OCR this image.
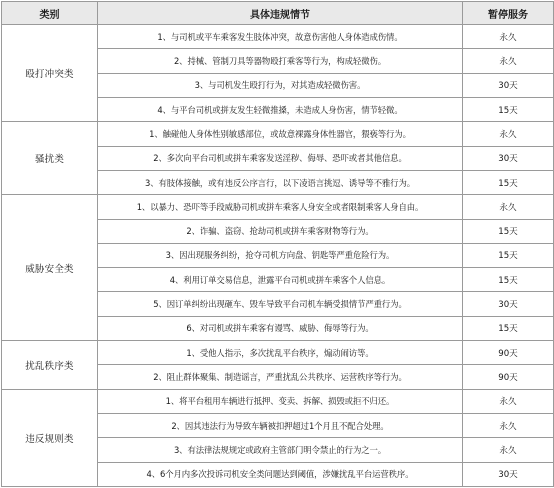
类别	具体违规情节	暂停服务
殴打冲突类	1、与司机或平车乘客发生肢体冲突，故意伤害他人身体造成伤情。	永久
	2、持械、管制刀具等器物殴打乘客等行为，构成轻微伤。	永久
	3、与司机发生殴打行为，对其造成轻微伤害。	30天
	4、与平台司机或拼友发生轻微推搡，未造成人身伤害，情节轻微。	15天
骚扰类	1、触碰他人身体性别敏感部位，或故意裸露身体性器官，猥亵等行为。	永久
	2、多次向平台司机或拼车乘客发送淫秽、侮辱、恐吓或者其他信息。	30天
	3、有肢体接触，或有违反公序言行，以下凌语言挑逗、诱导等不雅行为。	15天
威胁安全类	1、以暴力、恐吓等手段威胁司机或拼车乘客人身安全或者限制乘客人身自由。	永久
	2、诈骗、盗窃、抢劫司机或拼车乘客财物等行为。	15天
	3、因出现服务纠纷，抢夺司机方向盘、钥匙等严重危险行为。	15天
	4、利用订单交易信息，泄露平台司机或拼车乘客个人信息。	15天
	5、因订单纠纷出现砸车、毁车导致平台司机车辆受损情节严重行为。	30天
	6、对司机或拼车乘客有谩骂、威胁、侮辱等行为。	15天
扰乱秩序类	1、受他人指示，多次扰乱平台秩序，煽动闹访等。	90天
	2、阻止群体聚集、制造谣言，严重扰乱公共秩序、运营秩序等行为。	90天
违反规则类	1、将平台租用车辆进行抵押、变卖、拆解、损毁或拒不归还。	永久
	2、因其违法行为导致车辆被扣押超过1个月且不配合处理。	永久
	3、有法律法规规定或政府主管部门明令禁止的行为之一。	永久
	4、6个月内多次投诉司机安全类问题达到阈值，涉嫌扰乱平台运营秩序。	30天
